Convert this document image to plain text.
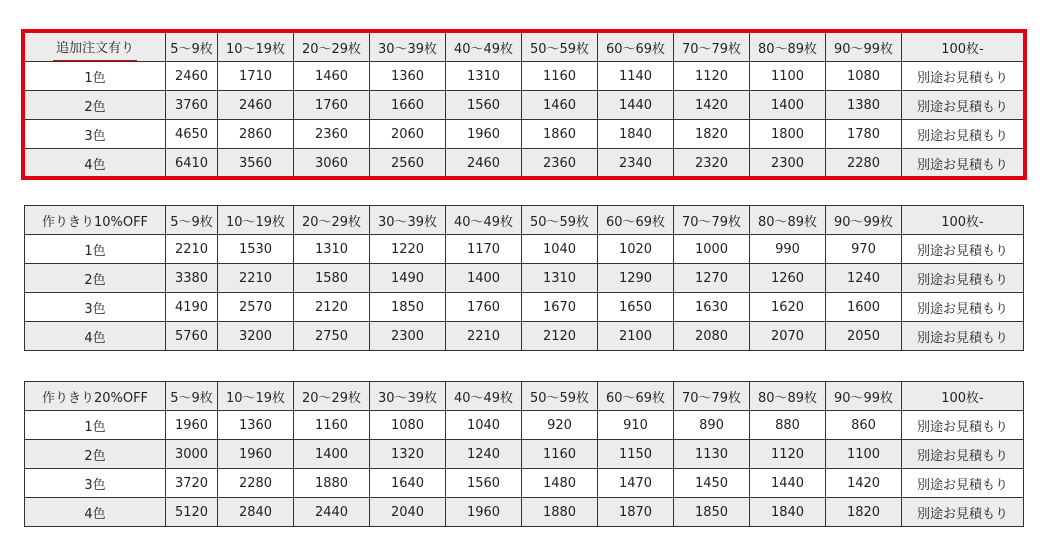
追加注文有り	5〜9枚	10〜19枚	20〜29枚	30〜39枚	40〜49枚	50〜59枚	60〜69枚	70〜79枚	80〜89枚	90〜99枚	100枚-
1色	2460	1710	1460	1360	1310	1160	1140	1120	1100	1080	別途お見積もり
2色	3760	2460	1760	1660	1560	1460	1440	1420	1400	1380	別途お見積もり
3色	4650	2860	2360	2060	1960	1860	1840	1820	1800	1780	別途お見積もり
4色	6410	3560	3060	2560	2460	2360	2340	2320	2300	2280	別途お見積もり
作りきり10%OFF	5〜9枚	10〜19枚	20〜29枚	30〜39枚	40〜49枚	50〜59枚	60〜69枚	70〜79枚	80〜89枚	90〜99枚	100枚-
1色	2210	1530	1310	1220	1170	1040	1020	1000	990	970	別途お見積もり
2色	3380	2210	1580	1490	1400	1310	1290	1270	1260	1240	別途お見積もり
3色	4190	2570	2120	1850	1760	1670	1650	1630	1620	1600	別途お見積もり
4色	5760	3200	2750	2300	2210	2120	2100	2080	2070	2050	別途お見積もり
作りきり20%OFF	5〜9枚	10〜19枚	20〜29枚	30〜39枚	40〜49枚	50〜59枚	60〜69枚	70〜79枚	80〜89枚	90〜99枚	100枚-
1色	1960	1360	1160	1080	1040	920	910	890	880	860	別途お見積もり
2色	3000	1960	1400	1320	1240	1160	1150	1130	1120	1100	別途お見積もり
3色	3720	2280	1880	1640	1560	1480	1470	1450	1440	1420	別途お見積もり
4色	5120	2840	2440	2040	1960	1880	1870	1850	1840	1820	別途お見積もり
